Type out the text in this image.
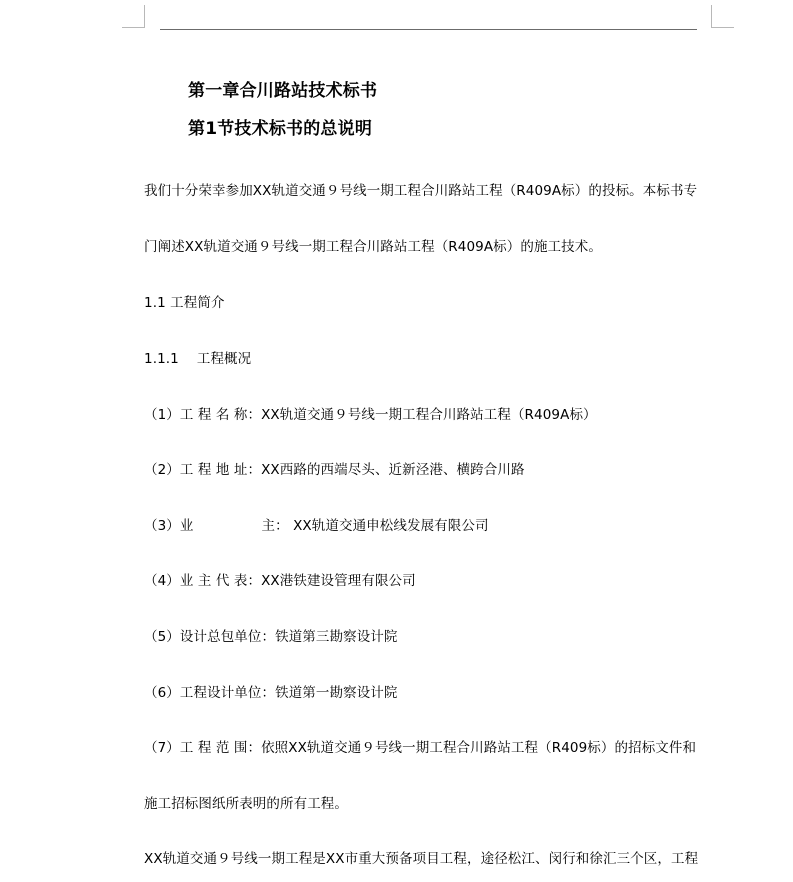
第一章合川路站技术标书
第1节技术标书的总说明
我们十分荣幸参加XX轨道交通９号线一期工程合川路站工程（R409A标）的投标。本标书专
门阐述XX轨道交通９号线一期工程合川路站工程（R409A标）的施工技术。
1.1 工程简介
1.1.1　 工程概况
（1）工 程 名 称：XX轨道交通９号线一期工程合川路站工程（R409A标）
（2）工 程 地 址：XX西路的西端尽头、近新泾港、横跨合川路
（3）业　　　　　主： XX轨道交通申松线发展有限公司
（4）业 主 代 表：XX港铁建设管理有限公司
（5）设计总包单位：铁道第三勘察设计院
（6）工程设计单位：铁道第一勘察设计院
（7）工 程 范 围：依照XX轨道交通９号线一期工程合川路站工程（R409标）的招标文件和
施工招标图纸所表明的所有工程。
XX轨道交通９号线一期工程是XX市重大预备项目工程，途径松江、闵行和徐汇三个区，工程
